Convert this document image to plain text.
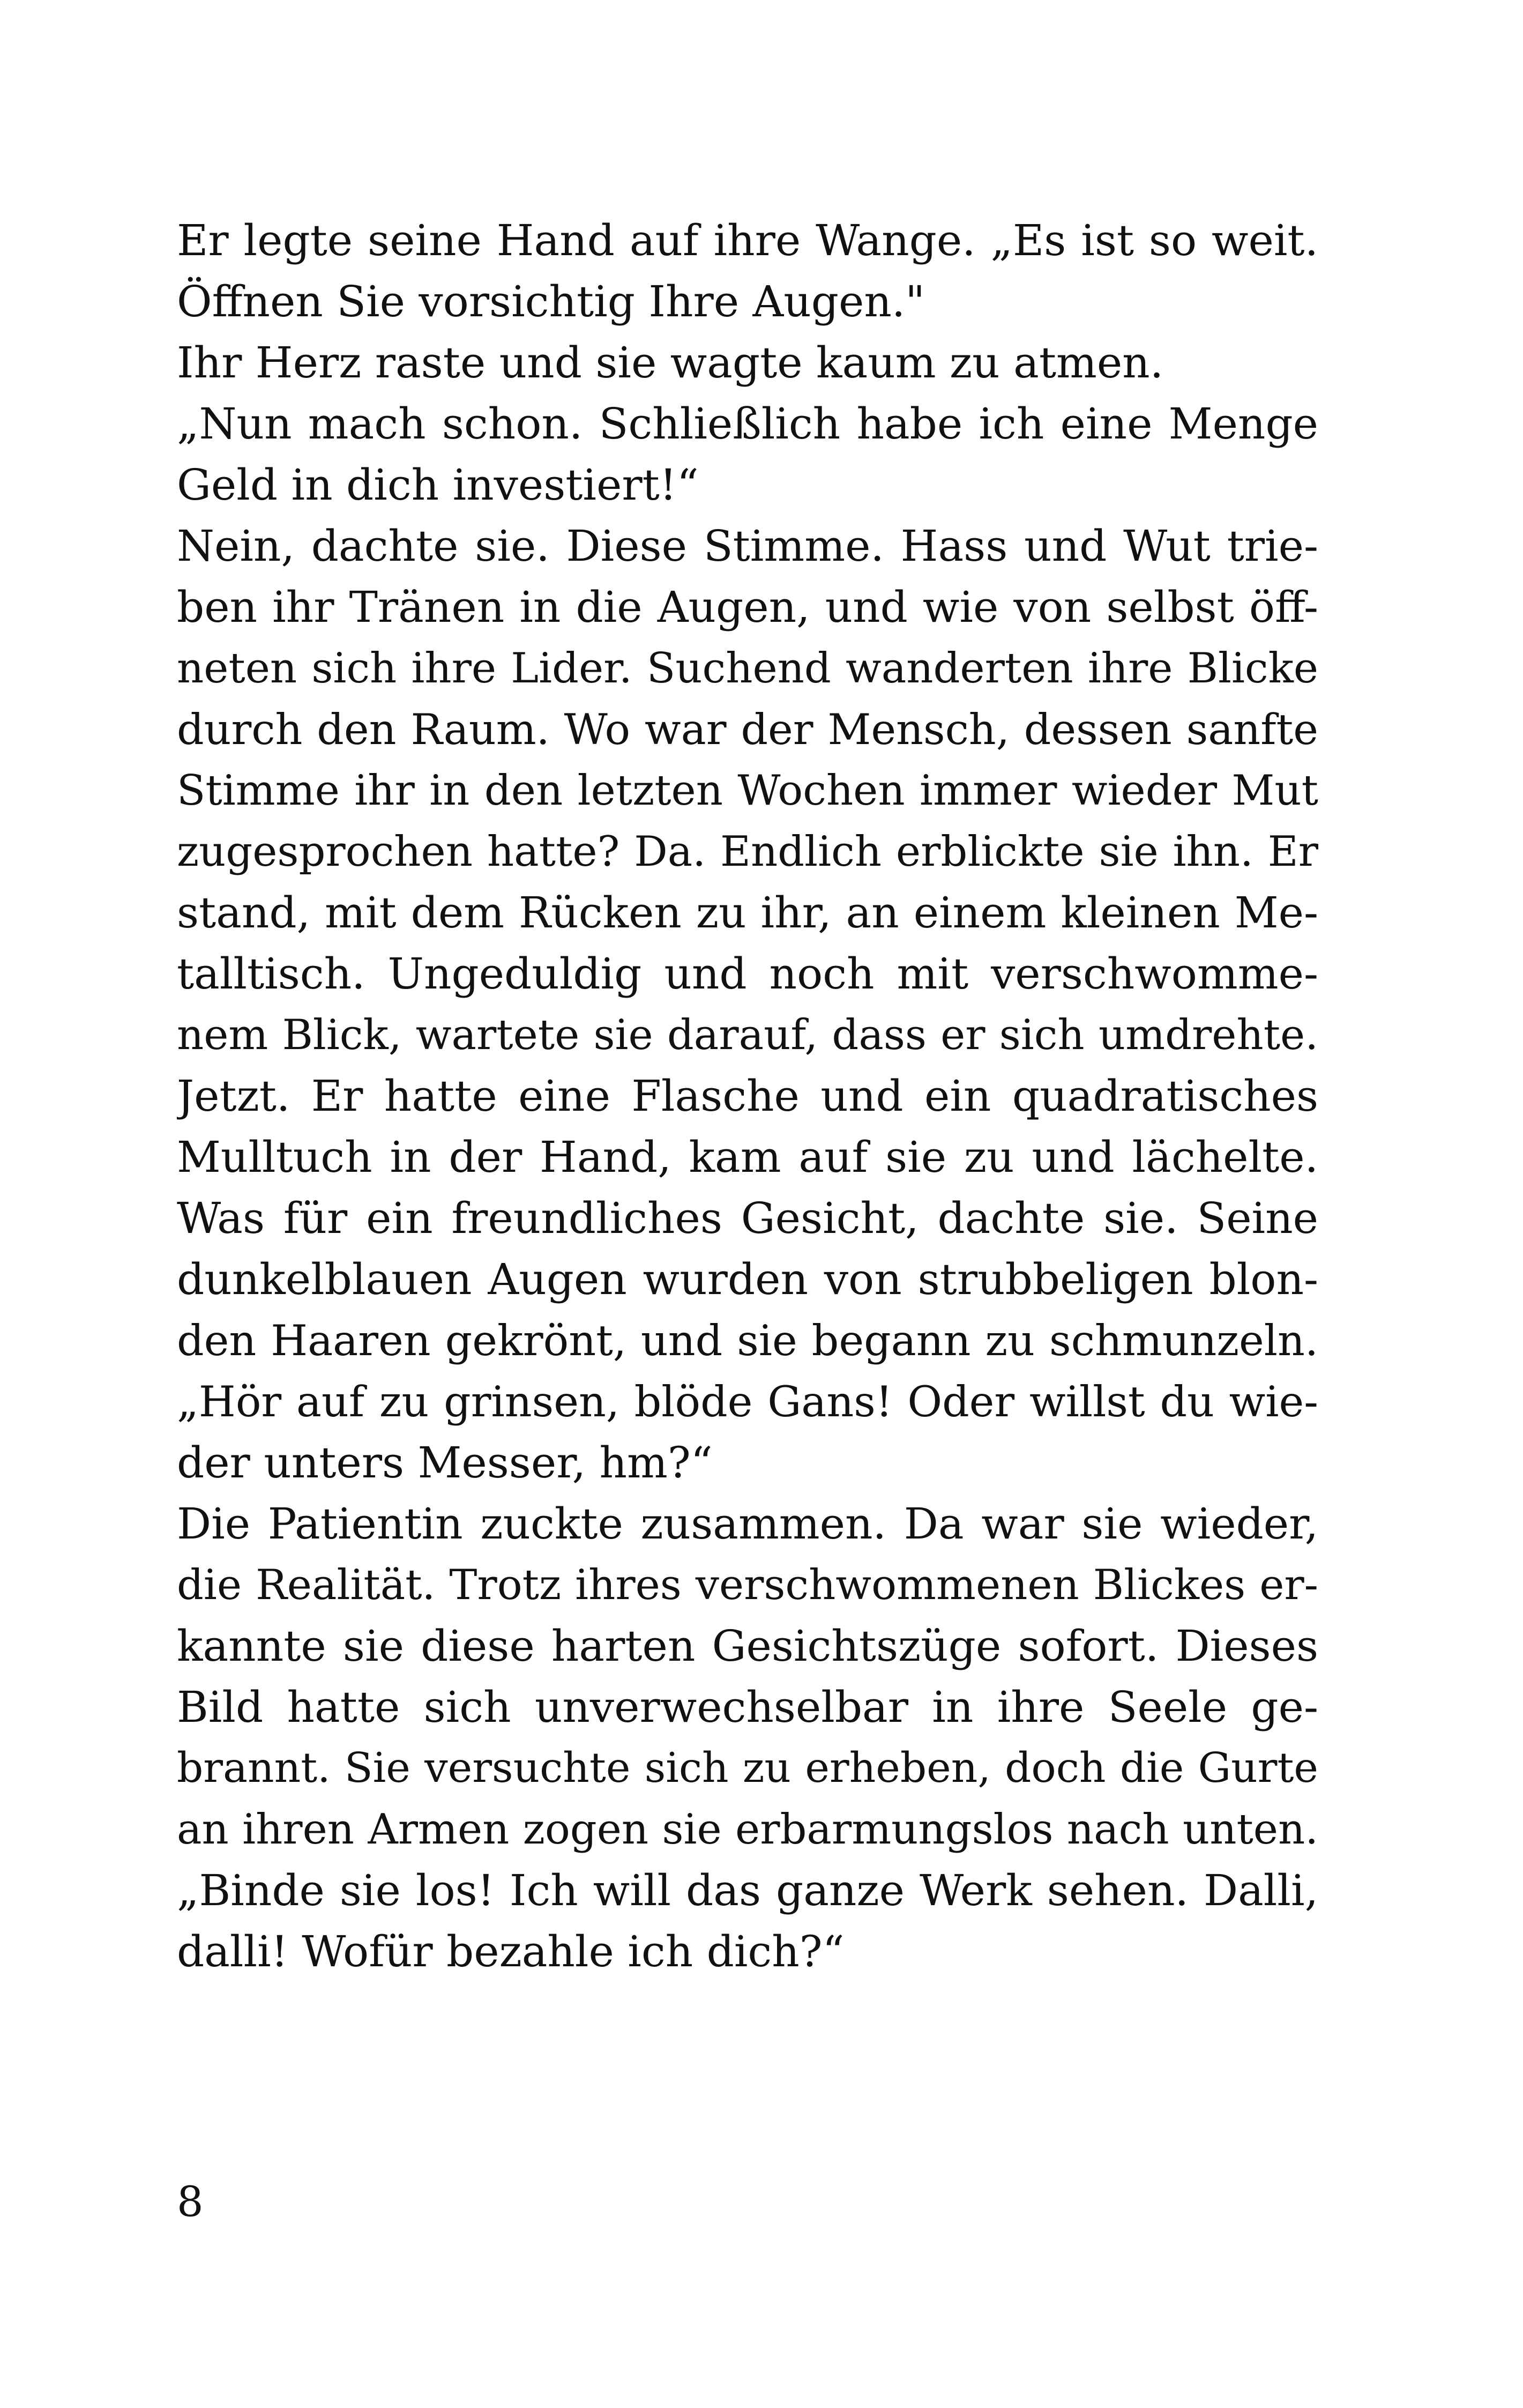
Er legte seine Hand auf ihre Wange. „Es ist so weit.
Öffnen Sie vorsichtig Ihre Augen."
Ihr Herz raste und sie wagte kaum zu atmen.
„Nun mach schon. Schließlich habe ich eine Menge
Geld in dich investiert!“
Nein, dachte sie. Diese Stimme. Hass und Wut trie-
ben ihr Tränen in die Augen, und wie von selbst öff-
neten sich ihre Lider. Suchend wanderten ihre Blicke
durch den Raum. Wo war der Mensch, dessen sanfte
Stimme ihr in den letzten Wochen immer wieder Mut
zugesprochen hatte? Da. Endlich erblickte sie ihn. Er
stand, mit dem Rücken zu ihr, an einem kleinen Me-
talltisch. Ungeduldig und noch mit verschwomme-
nem Blick, wartete sie darauf, dass er sich umdrehte.
Jetzt. Er hatte eine Flasche und ein quadratisches
Mulltuch in der Hand, kam auf sie zu und lächelte.
Was für ein freundliches Gesicht, dachte sie. Seine
dunkelblauen Augen wurden von strubbeligen blon-
den Haaren gekrönt, und sie begann zu schmunzeln.
„Hör auf zu grinsen, blöde Gans! Oder willst du wie-
der unters Messer, hm?“
Die Patientin zuckte zusammen. Da war sie wieder,
die Realität. Trotz ihres verschwommenen Blickes er-
kannte sie diese harten Gesichtszüge sofort. Dieses
Bild hatte sich unverwechselbar in ihre Seele ge-
brannt. Sie versuchte sich zu erheben, doch die Gurte
an ihren Armen zogen sie erbarmungslos nach unten.
„Binde sie los! Ich will das ganze Werk sehen. Dalli,
dalli! Wofür bezahle ich dich?“
8
